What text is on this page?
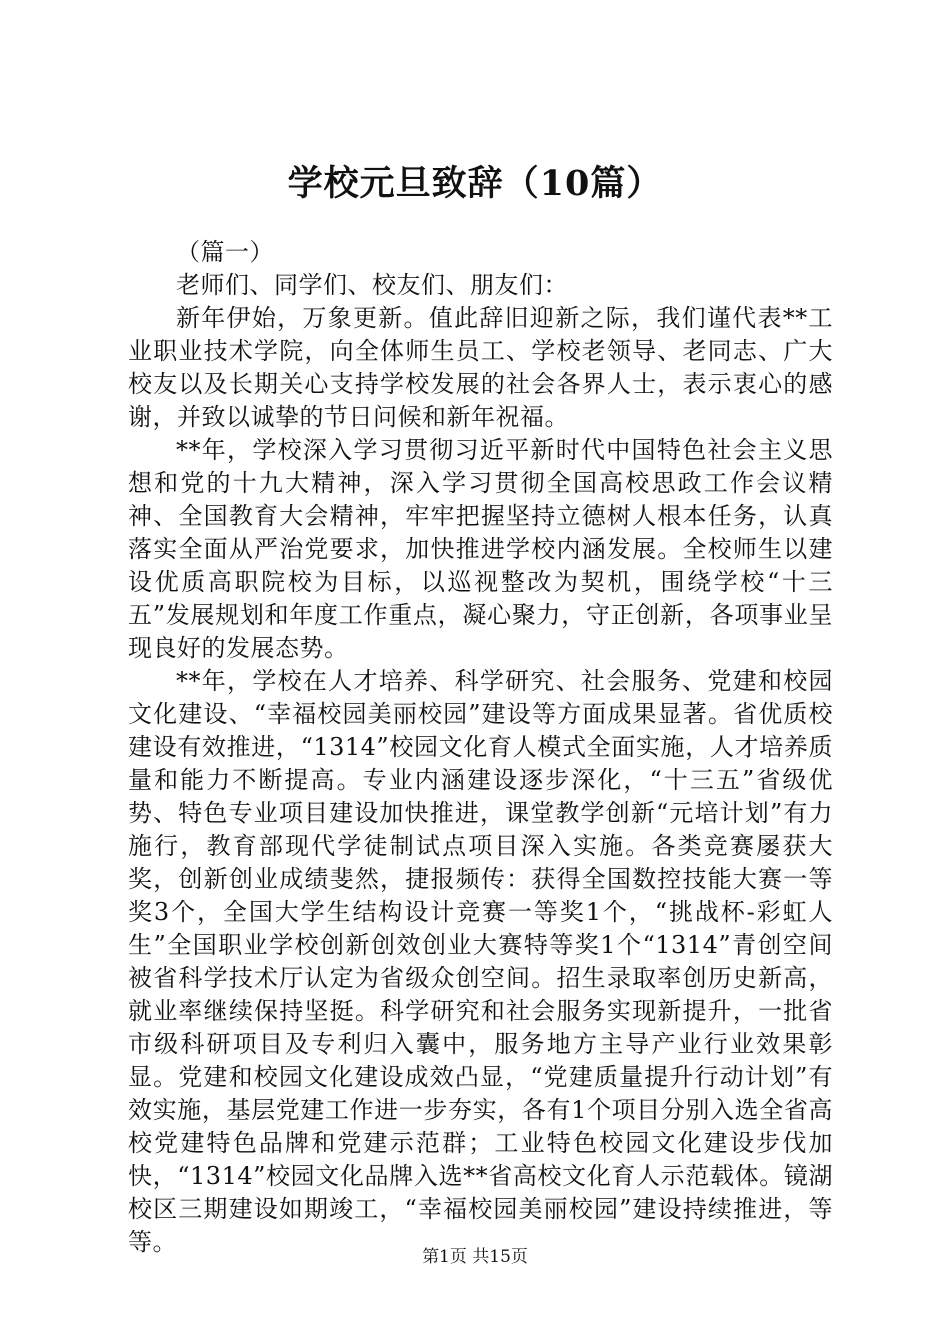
学校元旦致辞（10篇）

（篇一）

老师们、同学们、校友们、朋友们：

新年伊始，万象更新。值此辞旧迎新之际，我们谨代表**工业职业技术学院，向全体师生员工、学校老领导、老同志、广大校友以及长期关心支持学校发展的社会各界人士，表示衷心的感谢，并致以诚挚的节日问候和新年祝福。

**年，学校深入学习贯彻习近平新时代中国特色社会主义思想和党的十九大精神，深入学习贯彻全国高校思政工作会议精神、全国教育大会精神，牢牢把握坚持立德树人根本任务，认真落实全面从严治党要求，加快推进学校内涵发展。全校师生以建设优质高职院校为目标，以巡视整改为契机，围绕学校“十三五”发展规划和年度工作重点，凝心聚力，守正创新，各项事业呈现良好的发展态势。

**年，学校在人才培养、科学研究、社会服务、党建和校园文化建设、“幸福校园美丽校园”建设等方面成果显著。省优质校建设有效推进，“1314”校园文化育人模式全面实施，人才培养质量和能力不断提高。专业内涵建设逐步深化，“十三五”省级优势、特色专业项目建设加快推进，课堂教学创新“元培计划”有力施行，教育部现代学徒制试点项目深入实施。各类竞赛屡获大奖，创新创业成绩斐然，捷报频传：获得全国数控技能大赛一等奖3个，全国大学生结构设计竞赛一等奖1个，“挑战杯-彩虹人生”全国职业学校创新创效创业大赛特等奖1个“1314”青创空间被省科学技术厅认定为省级众创空间。招生录取率创历史新高，就业率继续保持坚挺。科学研究和社会服务实现新提升，一批省市级科研项目及专利归入囊中，服务地方主导产业行业效果彰显。党建和校园文化建设成效凸显，“党建质量提升行动计划”有效实施，基层党建工作进一步夯实，各有1个项目分别入选全省高校党建特色品牌和党建示范群；工业特色校园文化建设步伐加快，“1314”校园文化品牌入选**省高校文化育人示范载体。镜湖校区三期建设如期竣工，“幸福校园美丽校园”建设持续推进，等等。

第1页 共15页
